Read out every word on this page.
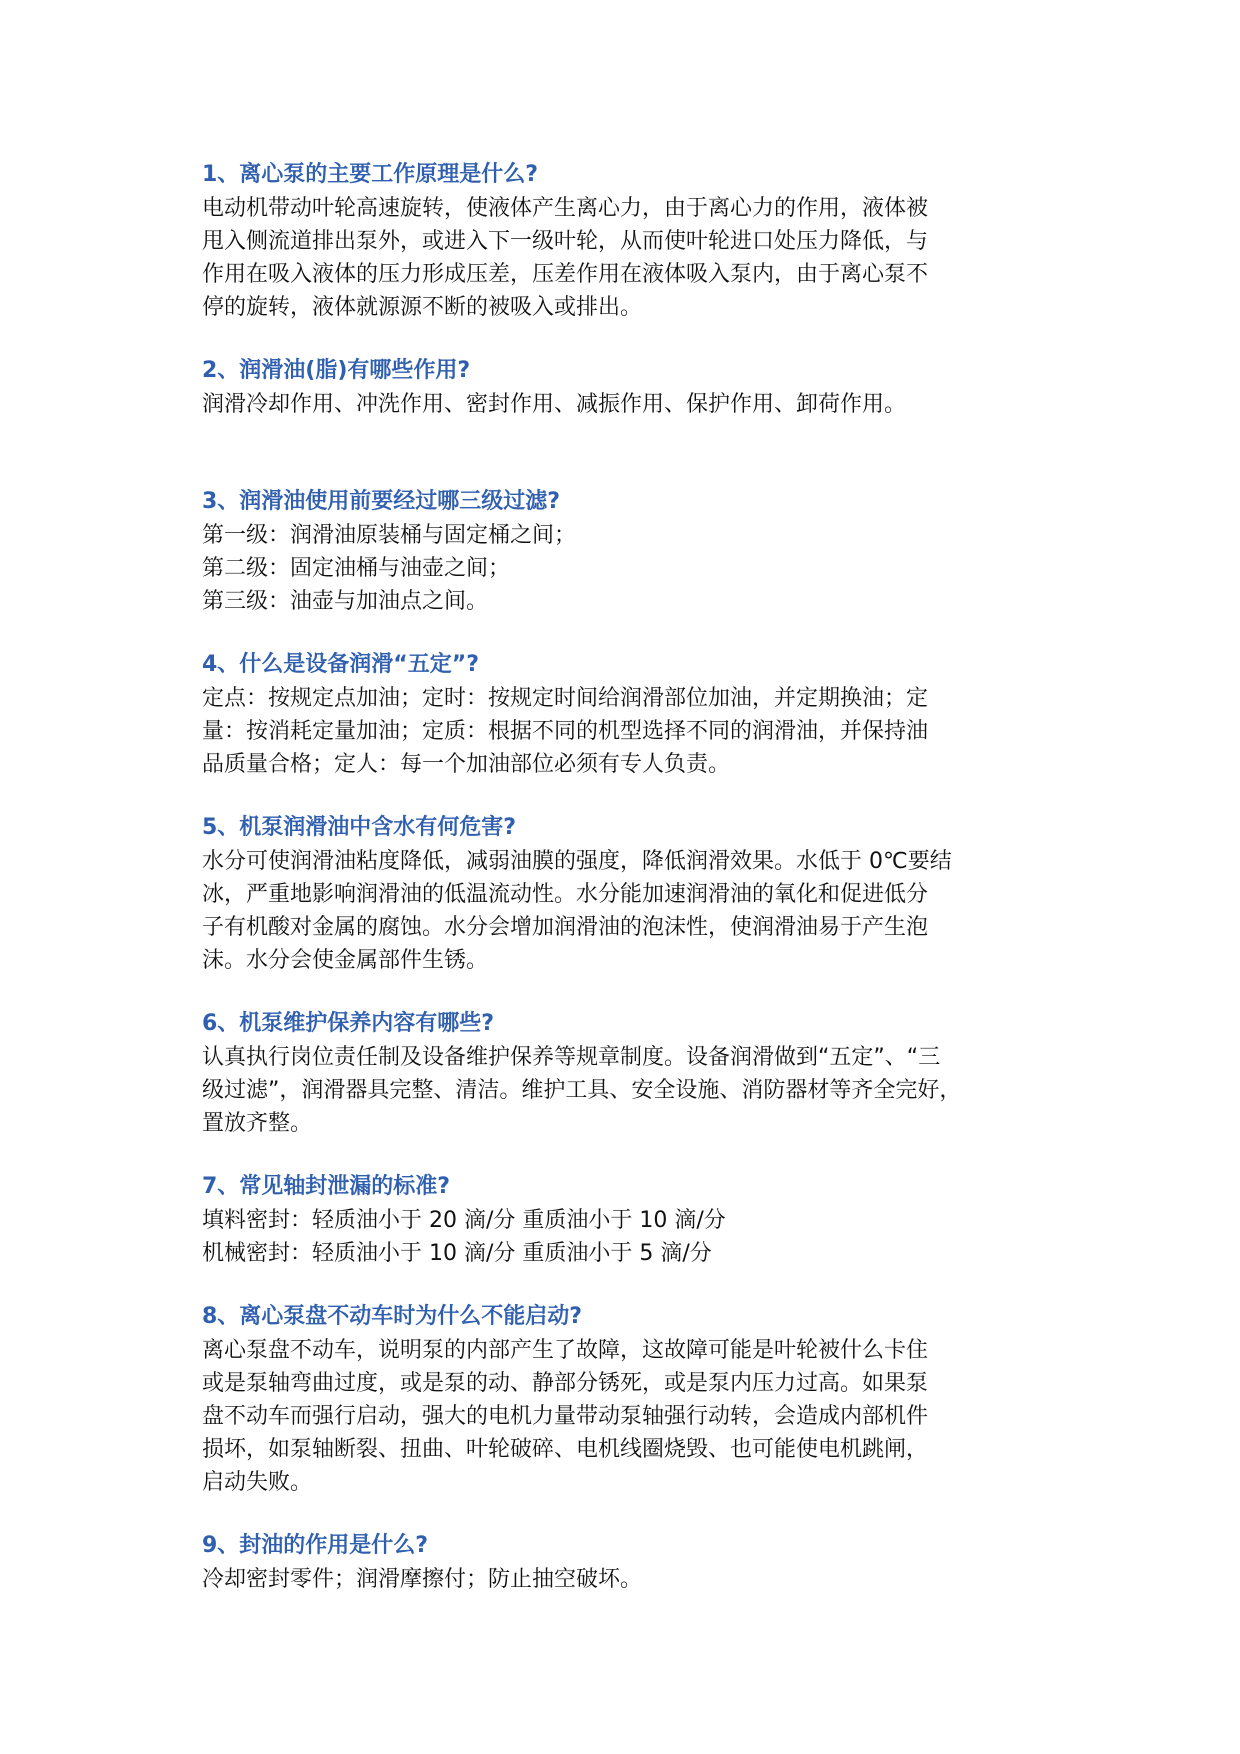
1、离心泵的主要工作原理是什么?
电动机带动叶轮高速旋转，使液体产生离心力，由于离心力的作用，液体被
甩入侧流道排出泵外，或进入下一级叶轮，从而使叶轮进口处压力降低，与
作用在吸入液体的压力形成压差，压差作用在液体吸入泵内，由于离心泵不
停的旋转，液体就源源不断的被吸入或排出。
2、润滑油(脂)有哪些作用?
润滑冷却作用、冲洗作用、密封作用、减振作用、保护作用、卸荷作用。
3、润滑油使用前要经过哪三级过滤?
第一级：润滑油原装桶与固定桶之间；
第二级：固定油桶与油壶之间；
第三级：油壶与加油点之间。
4、什么是设备润滑“五定”?
定点：按规定点加油；定时：按规定时间给润滑部位加油，并定期换油；定
量：按消耗定量加油；定质：根据不同的机型选择不同的润滑油，并保持油
品质量合格；定人：每一个加油部位必须有专人负责。
5、机泵润滑油中含水有何危害?
水分可使润滑油粘度降低，减弱油膜的强度，降低润滑效果。水低于 0℃要结
冰，严重地影响润滑油的低温流动性。水分能加速润滑油的氧化和促进低分
子有机酸对金属的腐蚀。水分会增加润滑油的泡沫性，使润滑油易于产生泡
沫。水分会使金属部件生锈。
6、机泵维护保养内容有哪些?
认真执行岗位责任制及设备维护保养等规章制度。设备润滑做到“五定”、“三
级过滤”，润滑器具完整、清洁。维护工具、安全设施、消防器材等齐全完好，
置放齐整。
7、常见轴封泄漏的标准?
填料密封：轻质油小于 20 滴/分 重质油小于 10 滴/分
机械密封：轻质油小于 10 滴/分 重质油小于 5 滴/分
8、离心泵盘不动车时为什么不能启动?
离心泵盘不动车，说明泵的内部产生了故障，这故障可能是叶轮被什么卡住
或是泵轴弯曲过度，或是泵的动、静部分锈死，或是泵内压力过高。如果泵
盘不动车而强行启动，强大的电机力量带动泵轴强行动转，会造成内部机件
损坏，如泵轴断裂、扭曲、叶轮破碎、电机线圈烧毁、也可能使电机跳闸，
启动失败。
9、封油的作用是什么?
冷却密封零件；润滑摩擦付；防止抽空破坏。
